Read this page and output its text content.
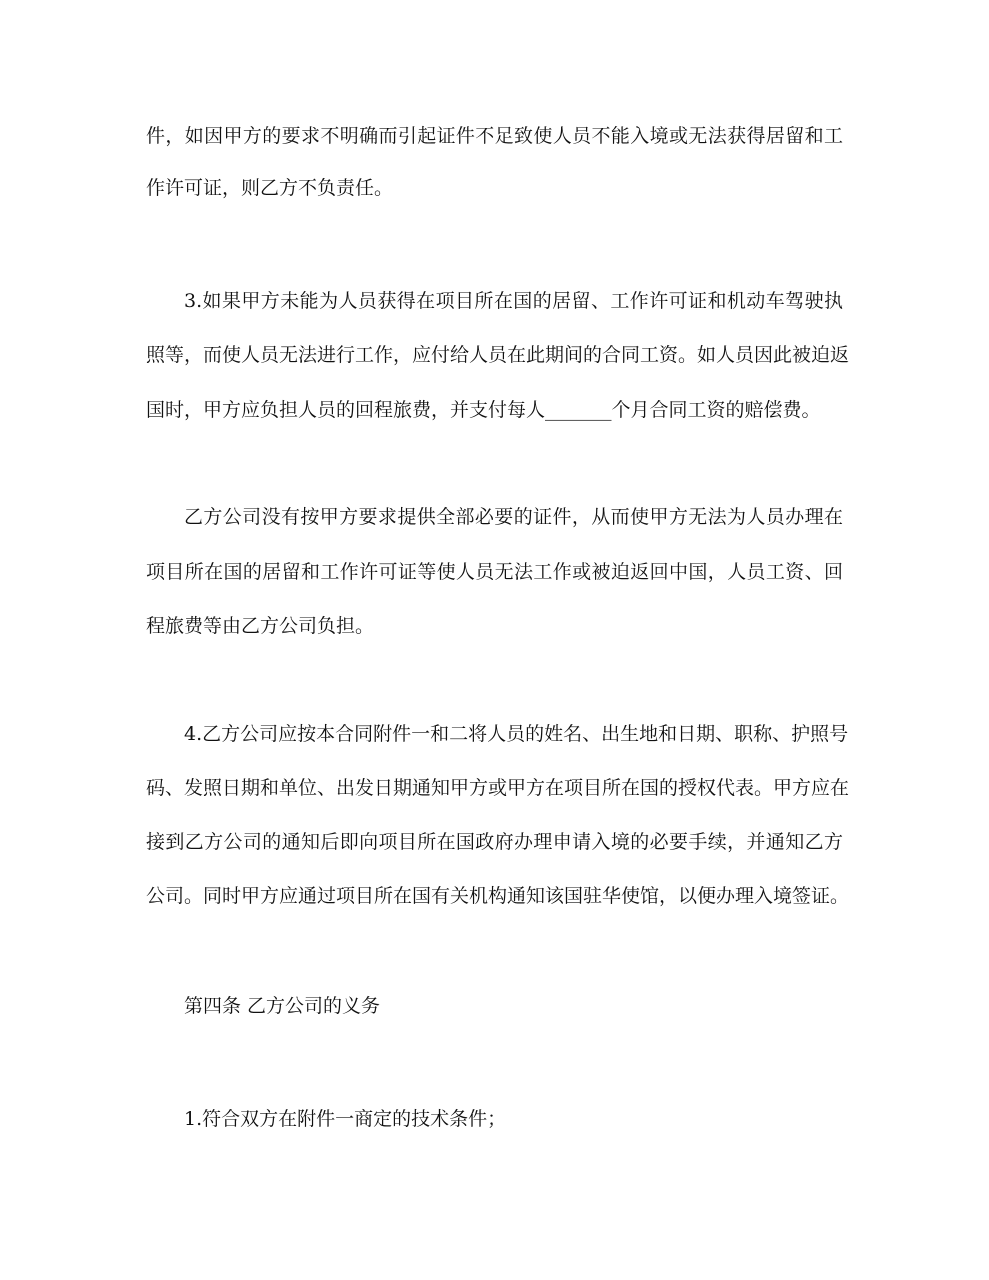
件，如因甲方的要求不明确而引起证件不足致使人员不能入境或无法获得居留和工
作许可证，则乙方不负责任。
3.如果甲方未能为人员获得在项目所在国的居留、工作许可证和机动车驾驶执
照等，而使人员无法进行工作，应付给人员在此期间的合同工资。如人员因此被迫返
国时，甲方应负担人员的回程旅费，并支付每人_______个月合同工资的赔偿费。
乙方公司没有按甲方要求提供全部必要的证件，从而使甲方无法为人员办理在
项目所在国的居留和工作许可证等使人员无法工作或被迫返回中国，人员工资、回
程旅费等由乙方公司负担。
4.乙方公司应按本合同附件一和二将人员的姓名、出生地和日期、职称、护照号
码、发照日期和单位、出发日期通知甲方或甲方在项目所在国的授权代表。甲方应在
接到乙方公司的通知后即向项目所在国政府办理申请入境的必要手续，并通知乙方
公司。同时甲方应通过项目所在国有关机构通知该国驻华使馆，以便办理入境签证。
第四条 乙方公司的义务
1.符合双方在附件一商定的技术条件；
